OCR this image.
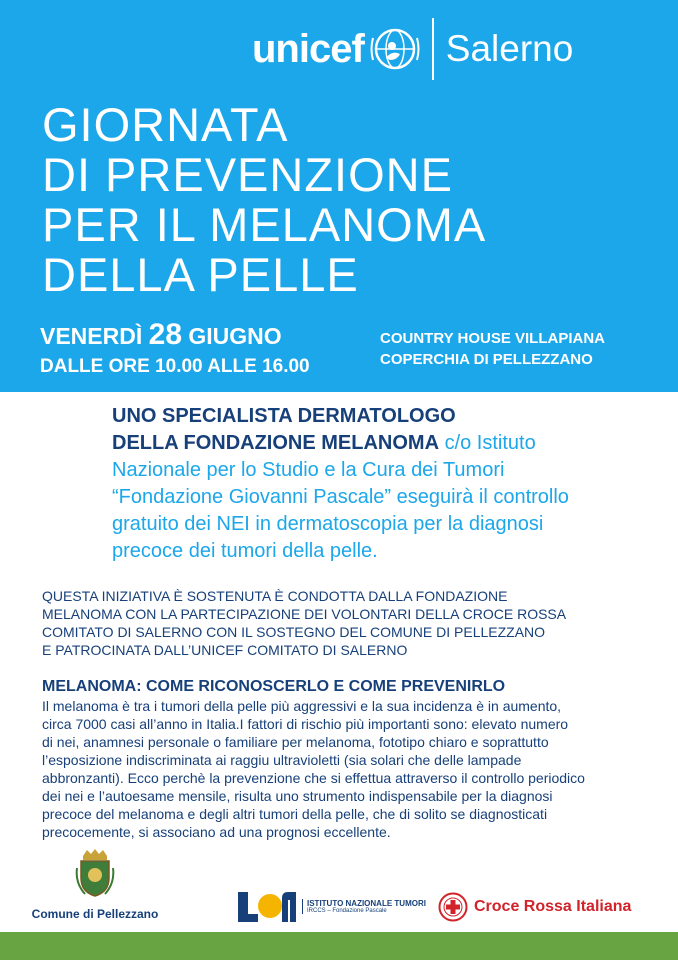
unicef Salerno
GIORNATA
DI PREVENZIONE
PER IL MELANOMA
DELLA PELLE
VENERDÌ 28 GIUGNO
DALLE ORE 10.00 ALLE 16.00
COUNTRY HOUSE VILLAPIANA
COPERCHIA DI PELLEZZANO
UNO SPECIALISTA DERMATOLOGO
DELLA FONDAZIONE MELANOMA c/o Istituto
Nazionale per lo Studio e la Cura dei Tumori
“Fondazione Giovanni Pascale” eseguirà il controllo
gratuito dei NEI in dermatoscopia per la diagnosi
precoce dei tumori della pelle.
QUESTA INIZIATIVA È SOSTENUTA È CONDOTTA DALLA FONDAZIONE
MELANOMA CON LA PARTECIPAZIONE DEI VOLONTARI DELLA CROCE ROSSA
COMITATO DI SALERNO CON IL SOSTEGNO DEL COMUNE DI PELLEZZANO
E PATROCINATA DALL’UNICEF COMITATO DI SALERNO
MELANOMA: COME RICONOSCERLO E COME PREVENIRLO
Il melanoma è tra i tumori della pelle più aggressivi e la sua incidenza è in aumento,
circa 7000 casi all’anno in Italia.I fattori di rischio più importanti sono: elevato numero
di nei, anamnesi personale o familiare per melanoma, fototipo chiaro e soprattutto
l’esposizione indiscriminata ai raggiu ultravioletti (sia solari che delle lampade
abbronzanti). Ecco perchè la prevenzione che si effettua attraverso il controllo periodico
dei nei e l’autoesame mensile, risulta uno strumento indispensabile per la diagnosi
precoce del melanoma e degli altri tumori della pelle, che di solito se diagnosticati
precocemente, si associano ad una prognosi eccellente.
Comune di Pellezzano
ISTITUTO NAZIONALE TUMORI
IRCCS – Fondazione Pascale	Croce Rossa Italiana
